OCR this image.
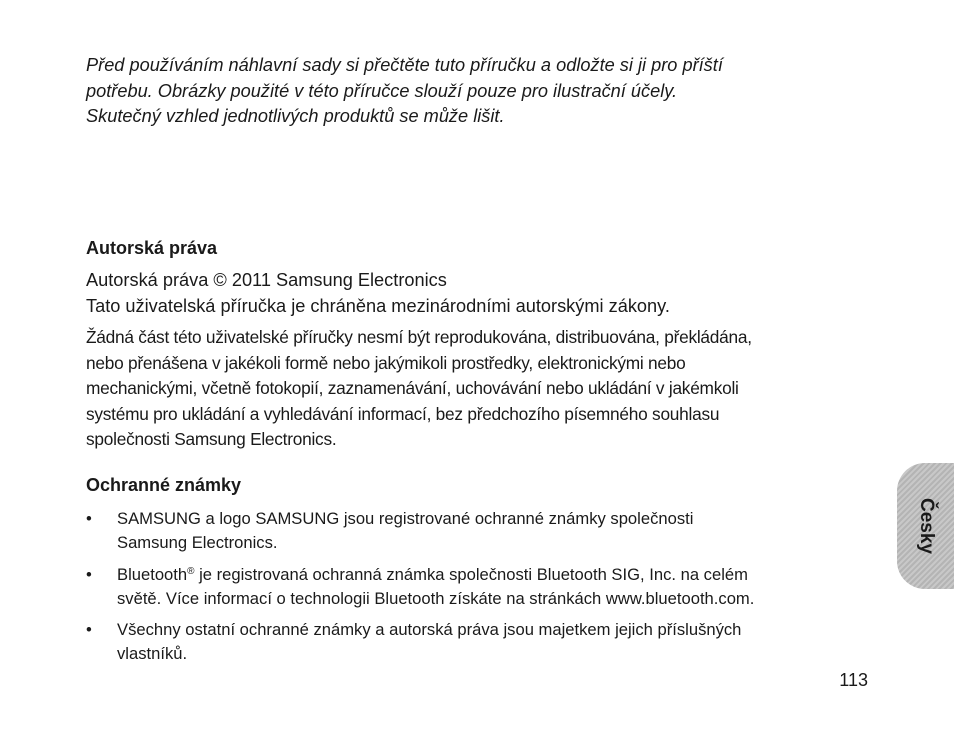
Před používáním náhlavní sady si přečtěte tuto příručku a odložte si ji pro příští
potřebu. Obrázky použité v této příručce slouží pouze pro ilustrační účely.
Skutečný vzhled jednotlivých produktů se může lišit.

Autorská práva

Autorská práva © 2011 Samsung Electronics

Tato uživatelská příručka je chráněna mezinárodními autorskými zákony.

Žádná část této uživatelské příručky nesmí být reprodukována, distribuována, překládána,
nebo přenášena v jakékoli formě nebo jakýmikoli prostředky, elektronickými nebo
mechanickými, včetně fotokopií, zaznamenávání, uchovávání nebo ukládání v jakémkoli
systému pro ukládání a vyhledávání informací, bez předchozího písemného souhlasu
společnosti Samsung Electronics.

Ochranné známky
• SAMSUNG a logo SAMSUNG jsou registrované ochranné známky společnosti
Samsung Electronics.
• Bluetooth® je registrovaná ochranná známka společnosti Bluetooth SIG, Inc. na celém
světě. Více informací o technologii Bluetooth získáte na stránkách www.bluetooth.com.
• Všechny ostatní ochranné známky a autorská práva jsou majetkem jejich příslušných
vlastníků.

113

Česky
